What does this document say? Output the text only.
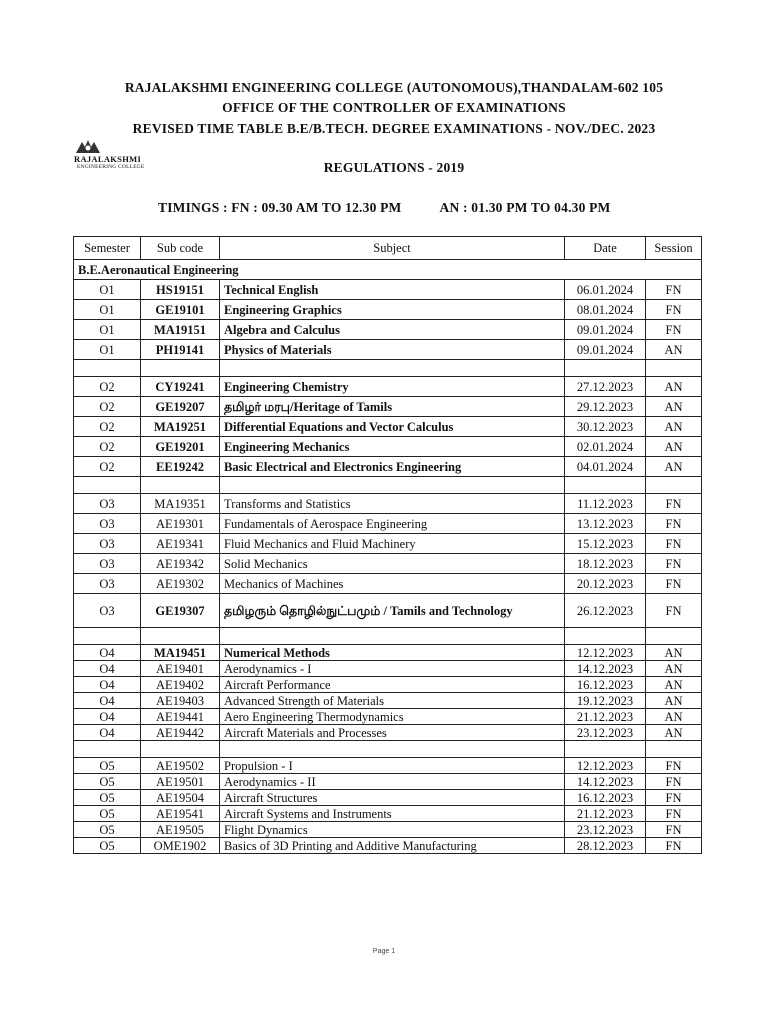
RAJALAKSHMI ENGINEERING COLLEGE (AUTONOMOUS),THANDALAM-602 105
OFFICE OF THE CONTROLLER OF EXAMINATIONS
REVISED TIME TABLE B.E/B.TECH. DEGREE EXAMINATIONS - NOV./DEC. 2023
RAJALAKSHMI
ENGINEERING COLLEGE	REGULATIONS - 2019
TIMINGS : FN : 09.30 AM TO 12.30 PM	AN : 01.30 PM TO 04.30 PM
Semester	Sub code	Subject	Date	Session
B.E.Aeronautical Engineering				
O1	HS19151	Technical English	06.01.2024	FN
O1	GE19101	Engineering Graphics	08.01.2024	FN
O1	MA19151	Algebra and Calculus	09.01.2024	FN
O1	PH19141	Physics of Materials	09.01.2024	AN

O2	CY19241	Engineering Chemistry	27.12.2023	AN
O2	GE19207	தமிழர் மரபு/Heritage of Tamils	29.12.2023	AN
O2	MA19251	Differential Equations and Vector Calculus	30.12.2023	AN
O2	GE19201	Engineering Mechanics	02.01.2024	AN
O2	EE19242	Basic Electrical and Electronics Engineering	04.01.2024	AN

O3	MA19351	Transforms and Statistics	11.12.2023	FN
O3	AE19301	Fundamentals of Aerospace Engineering	13.12.2023	FN
O3	AE19341	Fluid Mechanics and Fluid Machinery	15.12.2023	FN
O3	AE19342	Solid Mechanics	18.12.2023	FN
O3	AE19302	Mechanics of Machines	20.12.2023	FN
O3	GE19307	தமிழரும் தொழில்நுட்பமும் / Tamils and Technology	26.12.2023	FN

O4	MA19451	Numerical Methods	12.12.2023	AN
O4	AE19401	Aerodynamics - I	14.12.2023	AN
O4	AE19402	Aircraft Performance	16.12.2023	AN
O4	AE19403	Advanced Strength of Materials	19.12.2023	AN
O4	AE19441	Aero Engineering Thermodynamics	21.12.2023	AN
O4	AE19442	Aircraft Materials and Processes	23.12.2023	AN

O5	AE19502	Propulsion - I	12.12.2023	FN
O5	AE19501	Aerodynamics - II	14.12.2023	FN
O5	AE19504	Aircraft Structures	16.12.2023	FN
O5	AE19541	Aircraft Systems and Instruments	21.12.2023	FN
O5	AE19505	Flight Dynamics	23.12.2023	FN
O5	OME1902	Basics of 3D Printing and Additive Manufacturing	28.12.2023	FN
Page 1
